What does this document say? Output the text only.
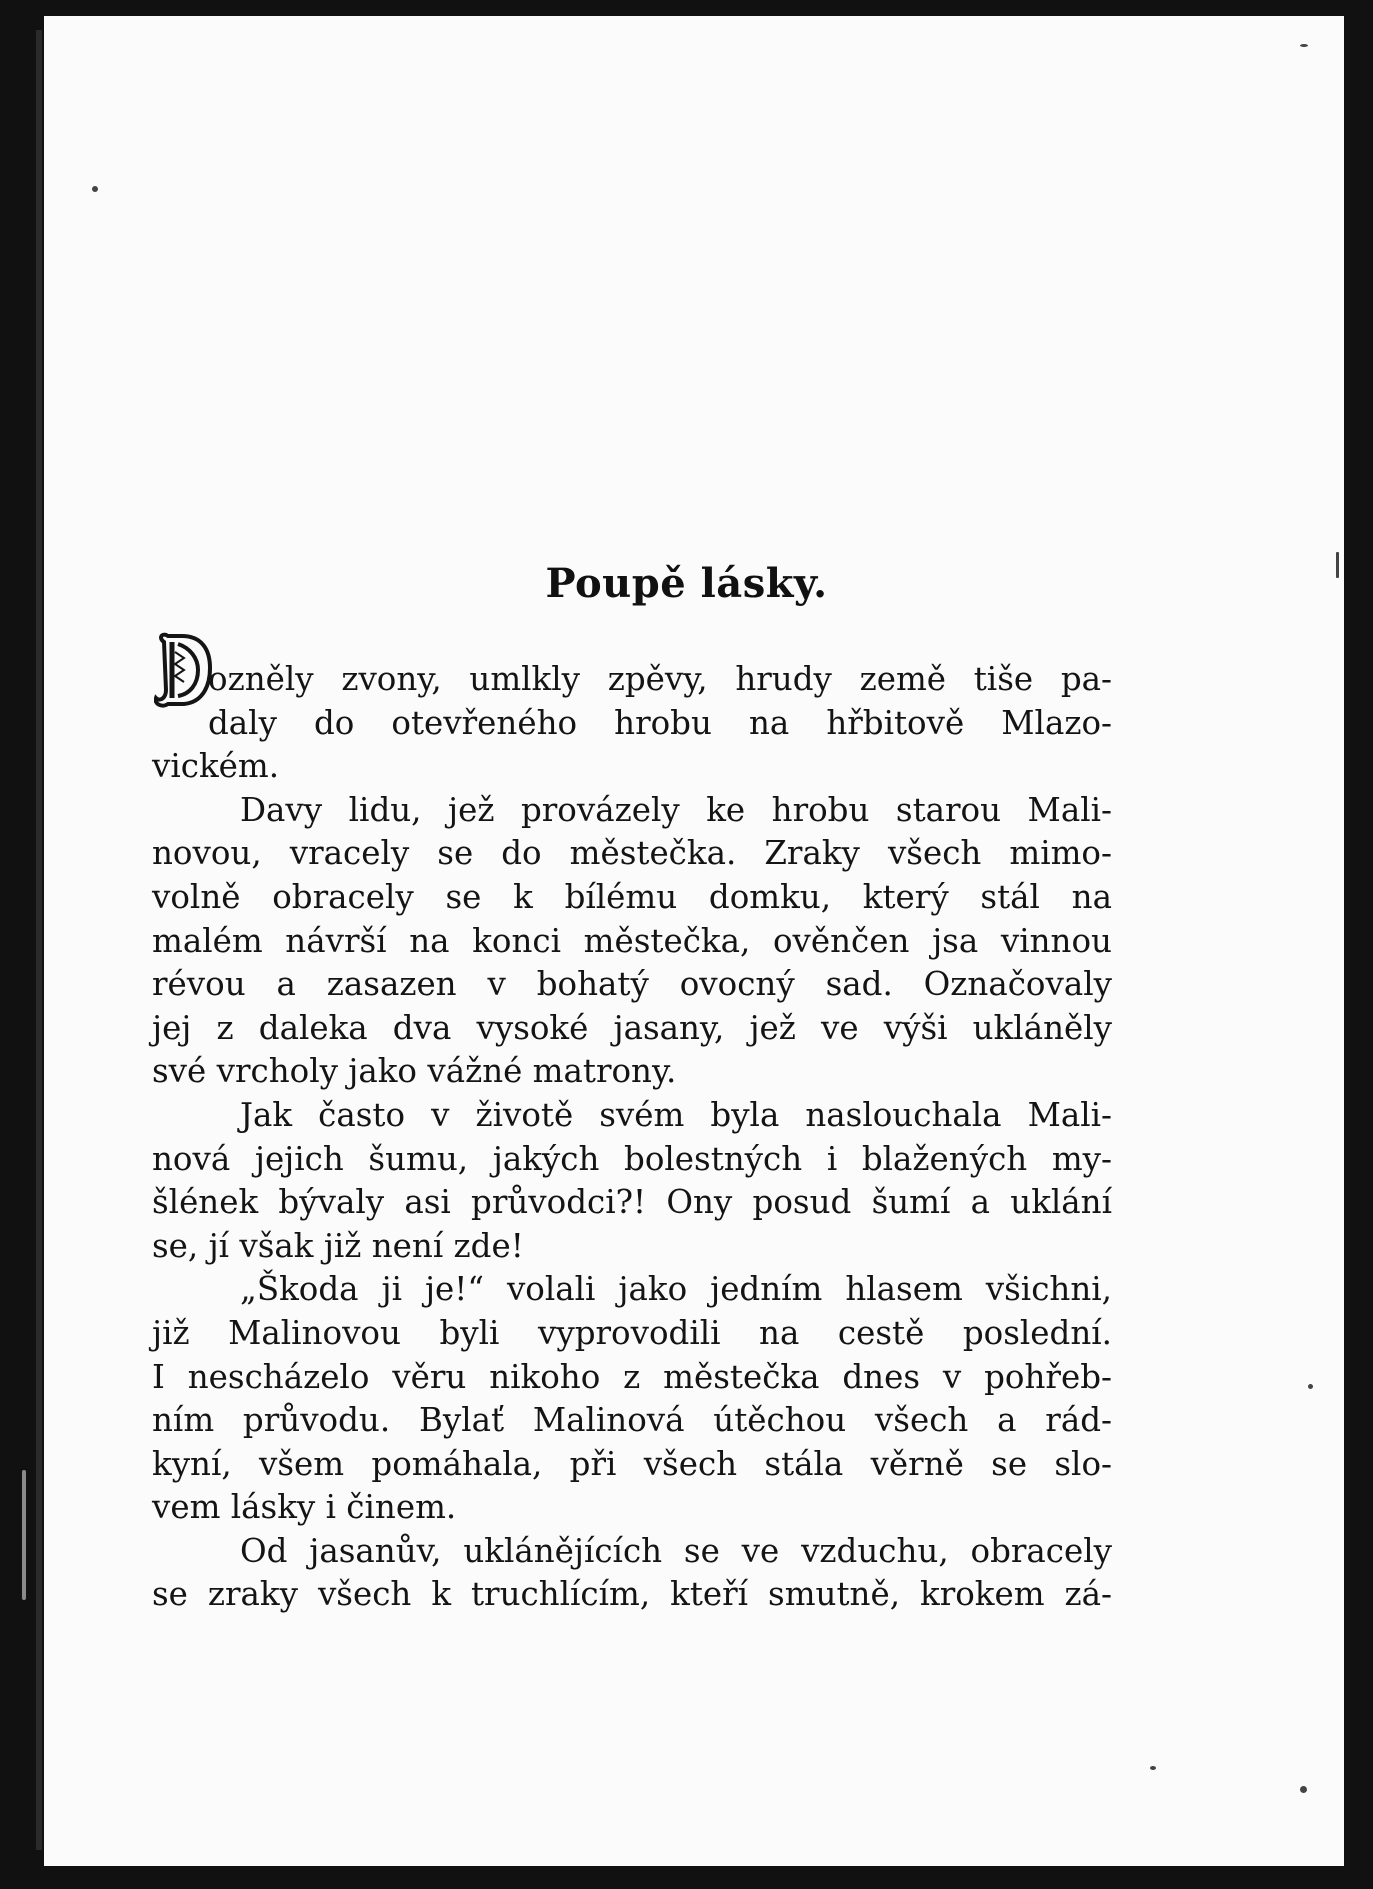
Poupě lásky.
D
ozněly zvony, umlkly zpěvy, hrudy země tiše pa-
daly do otevřeného hrobu na hřbitově Mlazo-
vickém.
Davy lidu, jež provázely ke hrobu starou Mali-
novou, vracely se do městečka. Zraky všech mimo-
volně obracely se k bílému domku, který stál na
malém návrší na konci městečka, ověnčen jsa vinnou
révou a zasazen v bohatý ovocný sad. Označovaly
jej z daleka dva vysoké jasany, jež ve výši ukláněly
své vrcholy jako vážné matrony.
Jak často v životě svém byla naslouchala Mali-
nová jejich šumu, jakých bolestných i blažených my-
šlének bývaly asi průvodci?! Ony posud šumí a uklání
se, jí však již není zde!
„Škoda ji je!“ volali jako jedním hlasem všichni,
již Malinovou byli vyprovodili na cestě poslední.
I nescházelo věru nikoho z městečka dnes v pohřeb-
ním průvodu. Bylať Malinová útěchou všech a rád-
kyní, všem pomáhala, při všech stála věrně se slo-
vem lásky i činem.
Od jasanův, uklánějících se ve vzduchu, obracely
se zraky všech k truchlícím, kteří smutně, krokem zá-
